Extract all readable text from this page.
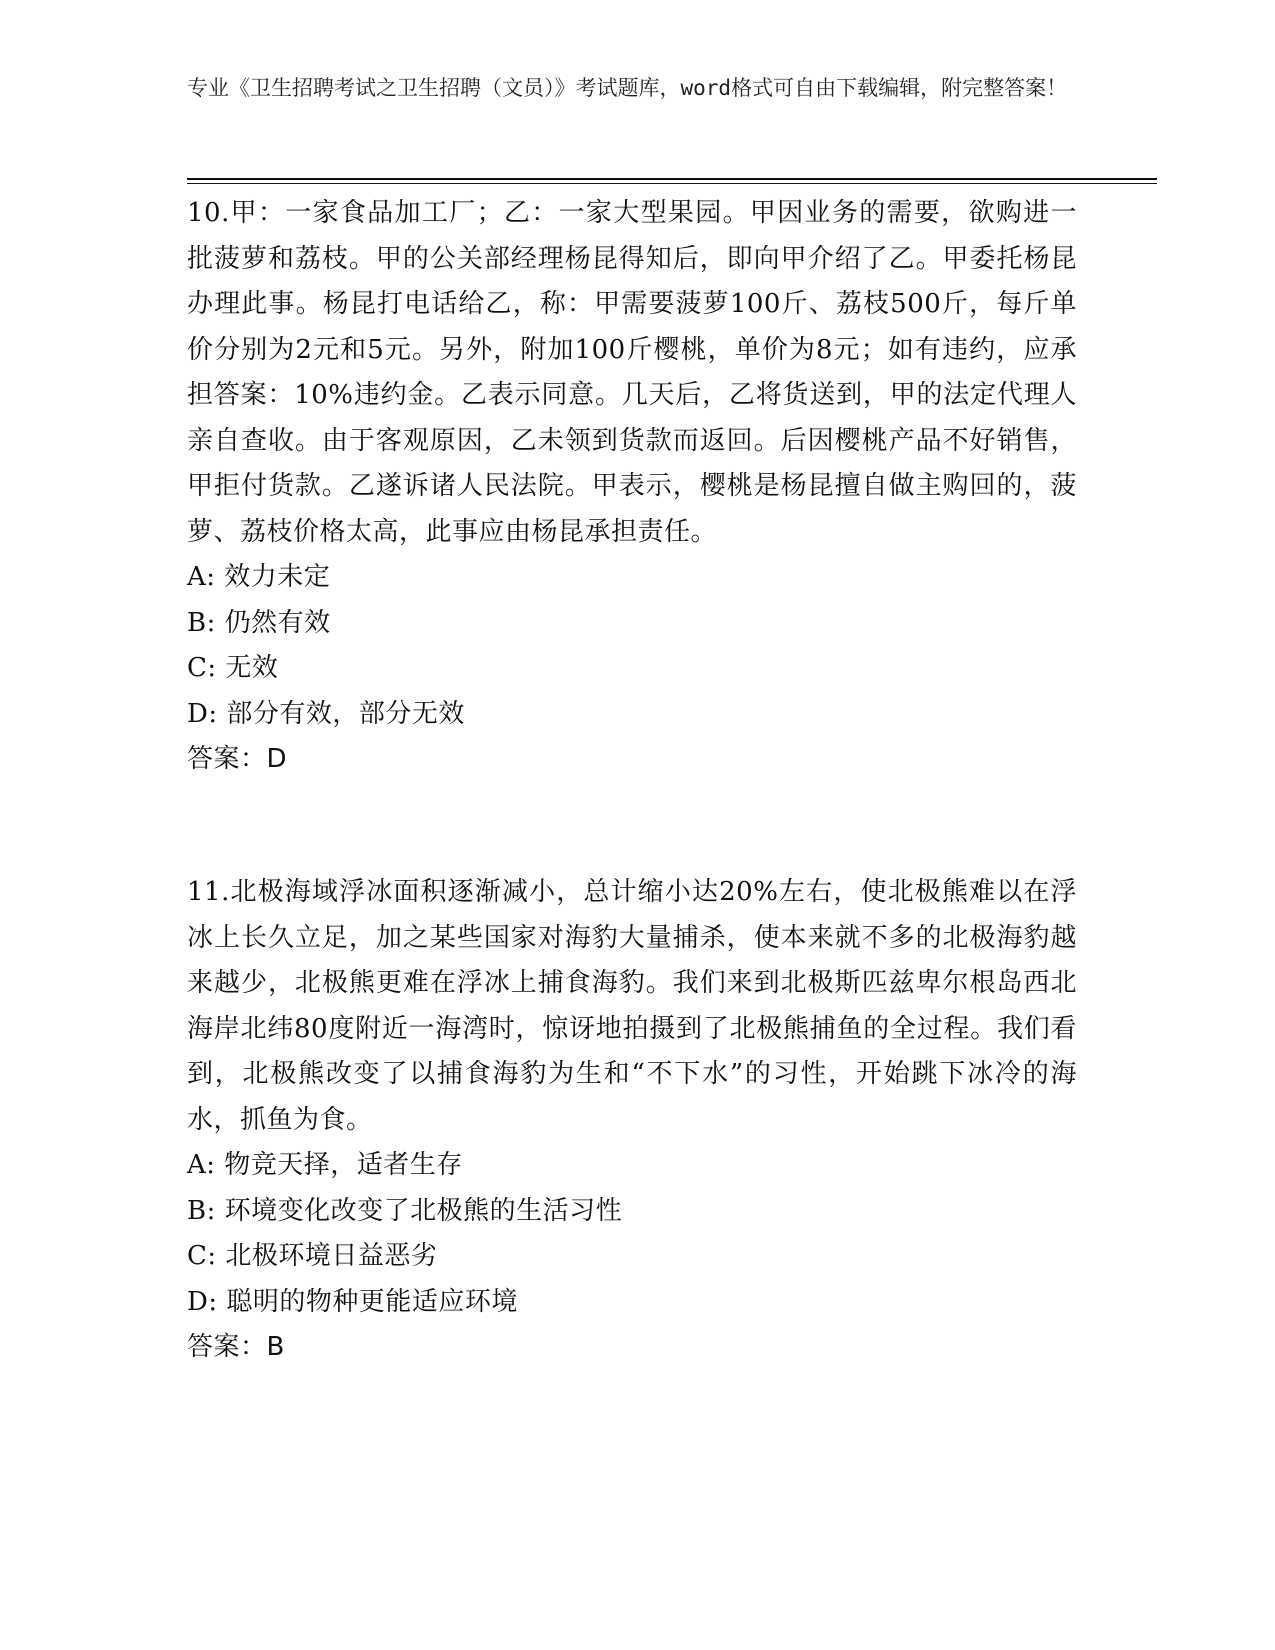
专业《卫生招聘考试之卫生招聘（文员）》考试题库，word格式可自由下载编辑，附完整答案！
10.甲：一家食品加工厂；乙：一家大型果园。甲因业务的需要，欲购进一批菠萝和荔枝。甲的公关部经理杨昆得知后，即向甲介绍了乙。甲委托杨昆办理此事。杨昆打电话给乙，称：甲需要菠萝100斤、荔枝500斤，每斤单价分别为2元和5元。另外，附加100斤樱桃，单价为8元；如有违约，应承担答案：10%违约金。乙表示同意。几天后，乙将货送到，甲的法定代理人亲自查收。由于客观原因，乙未领到货款而返回。后因樱桃产品不好销售，甲拒付货款。乙遂诉诸人民法院。甲表示，樱桃是杨昆擅自做主购回的，菠萝、荔枝价格太高，此事应由杨昆承担责任。
A: 效力未定
B: 仍然有效
C: 无效
D: 部分有效，部分无效
答案：D
11.北极海域浮冰面积逐渐减小，总计缩小达20%左右，使北极熊难以在浮冰上长久立足，加之某些国家对海豹大量捕杀，使本来就不多的北极海豹越来越少，北极熊更难在浮冰上捕食海豹。我们来到北极斯匹兹卑尔根岛西北海岸北纬80度附近一海湾时，惊讶地拍摄到了北极熊捕鱼的全过程。我们看到，北极熊改变了以捕食海豹为生和“不下水”的习性，开始跳下冰冷的海水，抓鱼为食。
A: 物竞天择，适者生存
B: 环境变化改变了北极熊的生活习性
C: 北极环境日益恶劣
D: 聪明的物种更能适应环境
答案：B
